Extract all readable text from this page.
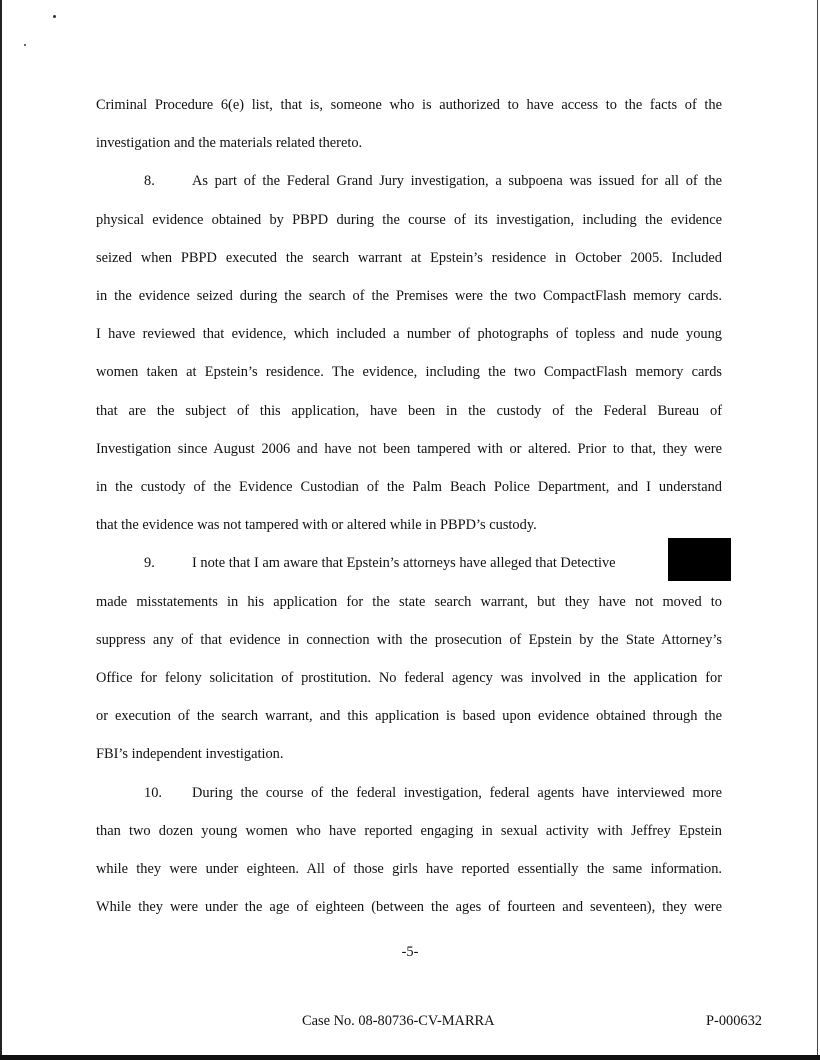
Criminal Procedure 6(e) list, that is, someone who is authorized to have access to the facts of the
investigation and the materials related thereto.
8.	As part of the Federal Grand Jury investigation, a subpoena was issued for all of the
physical evidence obtained by PBPD during the course of its investigation, including the evidence
seized when PBPD executed the search warrant at Epstein’s residence in October 2005. Included
in the evidence seized during the search of the Premises were the two CompactFlash memory cards.
I have reviewed that evidence, which included a number of photographs of topless and nude young
women taken at Epstein’s residence. The evidence, including the two CompactFlash memory cards
that are the subject of this application, have been in the custody of the Federal Bureau of
Investigation since August 2006 and have not been tampered with or altered. Prior to that, they were
in the custody of the Evidence Custodian of the Palm Beach Police Department, and I understand
that the evidence was not tampered with or altered while in PBPD’s custody.
9.	I note that I am aware that Epstein’s attorneys have alleged that Detective
made misstatements in his application for the state search warrant, but they have not moved to
suppress any of that evidence in connection with the prosecution of Epstein by the State Attorney’s
Office for felony solicitation of prostitution. No federal agency was involved in the application for
or execution of the search warrant, and this application is based upon evidence obtained through the
FBI’s independent investigation.
10.	During the course of the federal investigation, federal agents have interviewed more
than two dozen young women who have reported engaging in sexual activity with Jeffrey Epstein
while they were under eighteen. All of those girls have reported essentially the same information.
While they were under the age of eighteen (between the ages of fourteen and seventeen), they were
-5-
Case No. 08-80736-CV-MARRA	P-000632
